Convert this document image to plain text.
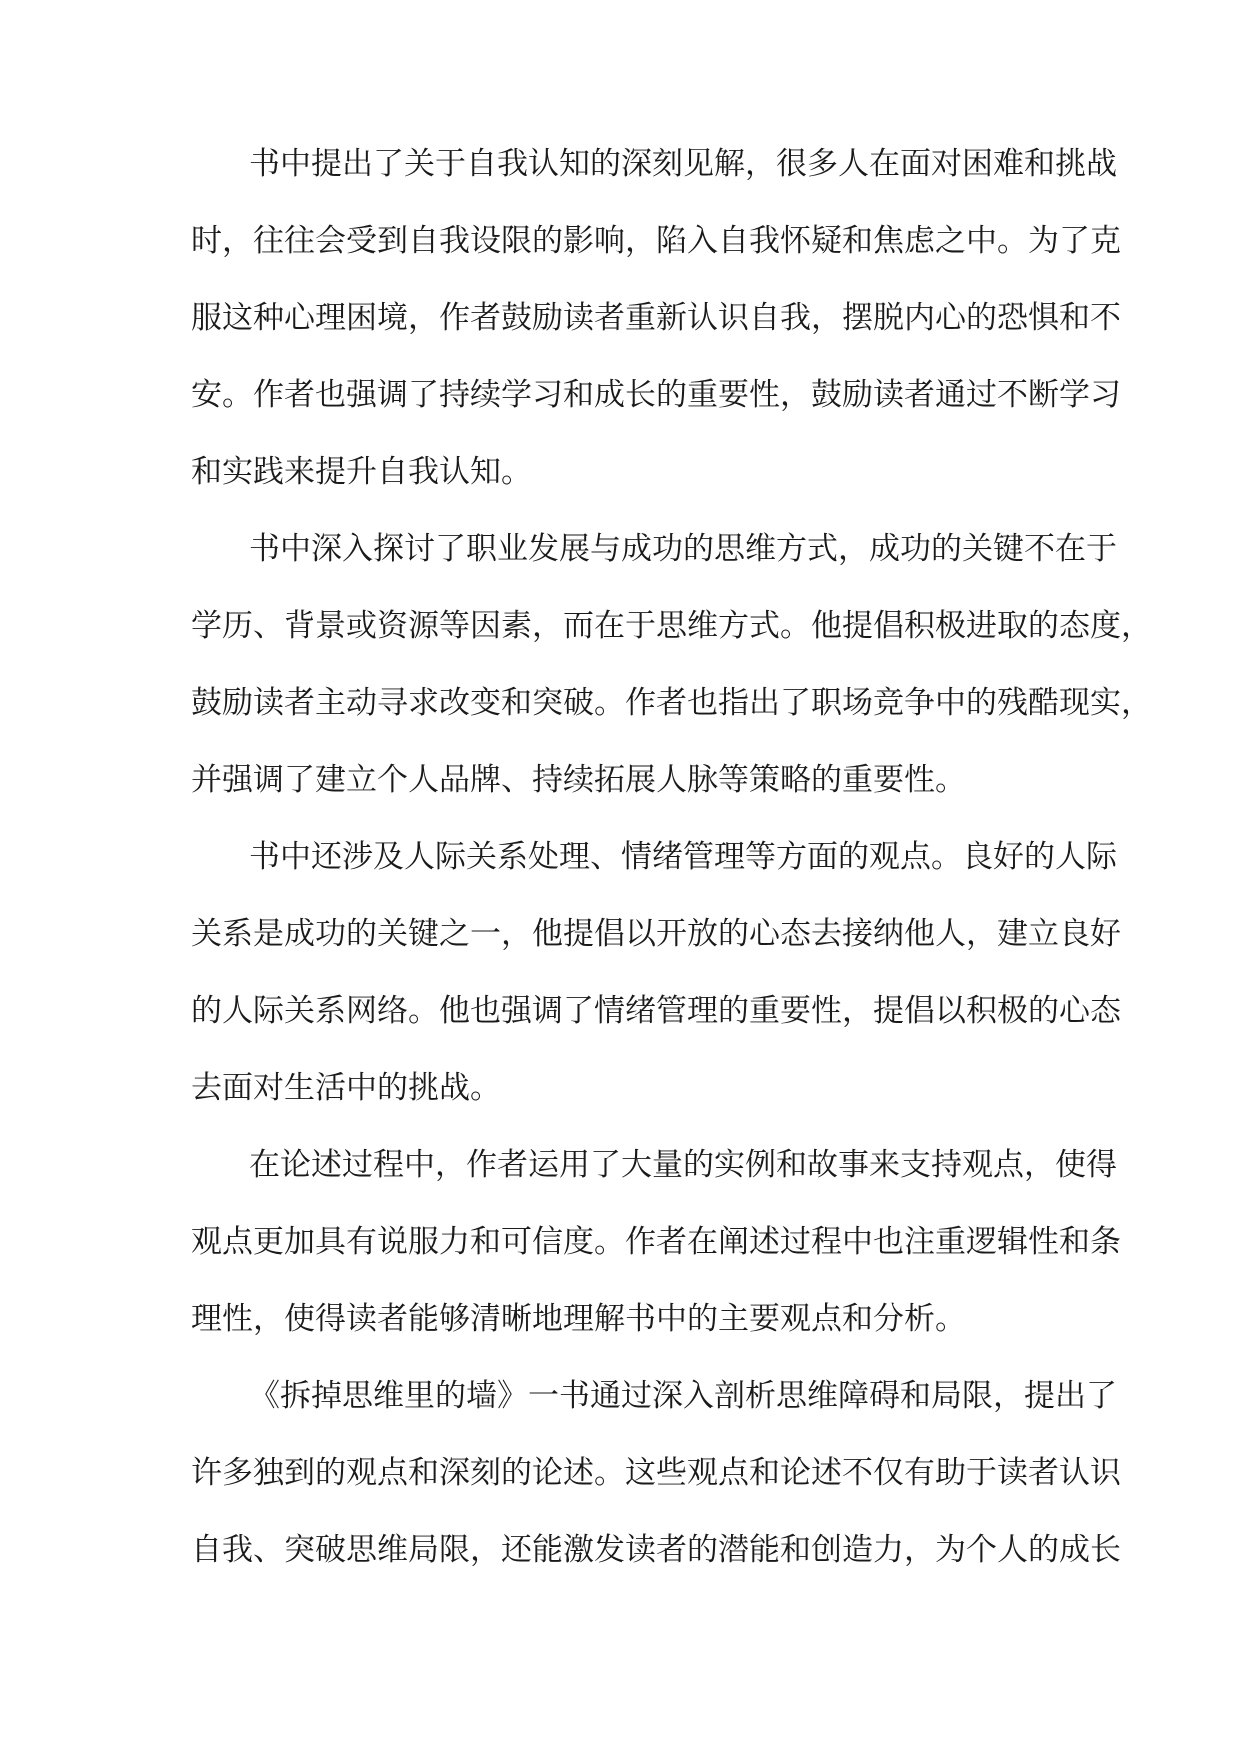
书中提出了关于自我认知的深刻见解，很多人在面对困难和挑战
时，往往会受到自我设限的影响，陷入自我怀疑和焦虑之中。为了克
服这种心理困境，作者鼓励读者重新认识自我，摆脱内心的恐惧和不
安。作者也强调了持续学习和成长的重要性，鼓励读者通过不断学习
和实践来提升自我认知。
书中深入探讨了职业发展与成功的思维方式，成功的关键不在于
学历、背景或资源等因素，而在于思维方式。他提倡积极进取的态度，
鼓励读者主动寻求改变和突破。作者也指出了职场竞争中的残酷现实，
并强调了建立个人品牌、持续拓展人脉等策略的重要性。
书中还涉及人际关系处理、情绪管理等方面的观点。良好的人际
关系是成功的关键之一，他提倡以开放的心态去接纳他人，建立良好
的人际关系网络。他也强调了情绪管理的重要性，提倡以积极的心态
去面对生活中的挑战。
在论述过程中，作者运用了大量的实例和故事来支持观点，使得
观点更加具有说服力和可信度。作者在阐述过程中也注重逻辑性和条
理性，使得读者能够清晰地理解书中的主要观点和分析。
《拆掉思维里的墙》一书通过深入剖析思维障碍和局限，提出了
许多独到的观点和深刻的论述。这些观点和论述不仅有助于读者认识
自我、突破思维局限，还能激发读者的潜能和创造力，为个人的成长
